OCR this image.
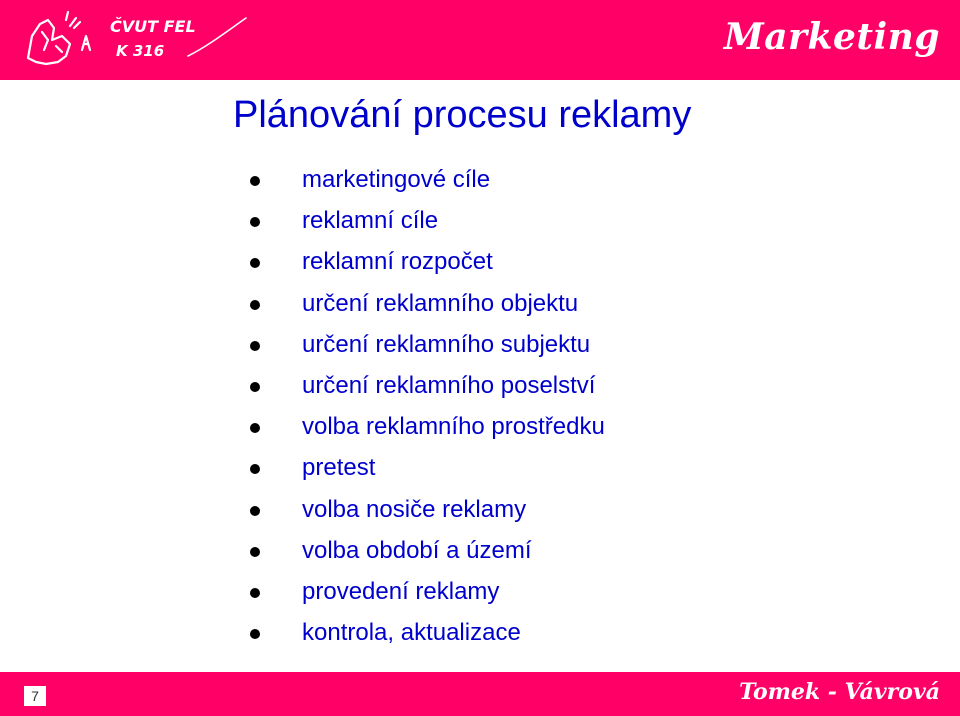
ČVUT FEL
K 316	Marketing
Plánování procesu reklamy
marketingové cíle
reklamní cíle
reklamní rozpočet
určení reklamního objektu
určení reklamního subjektu
určení reklamního poselství
volba reklamního prostředku
pretest
volba nosiče reklamy
volba období a území
provedení reklamy
kontrola, aktualizace
7	Tomek - Vávrová
